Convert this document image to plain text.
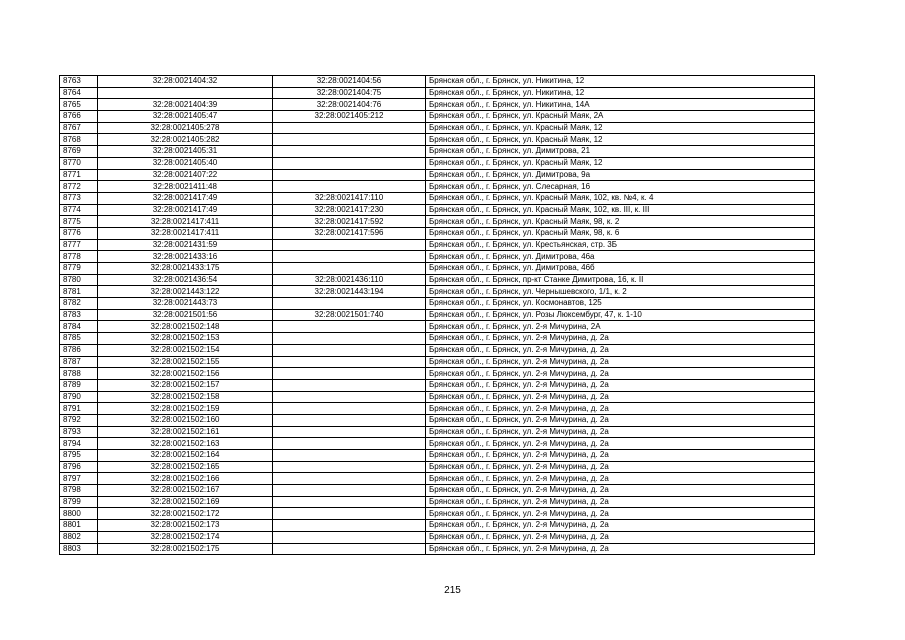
8763	32:28:0021404:32	32:28:0021404:56	Брянская обл., г. Брянск, ул. Никитина, 12
8764		32:28:0021404:75	Брянская обл., г. Брянск, ул. Никитина, 12
8765	32:28:0021404:39	32:28:0021404:76	Брянская обл., г. Брянск, ул. Никитина, 14А
8766	32:28:0021405:47	32:28:0021405:212	Брянская обл., г. Брянск, ул. Красный Маяк, 2А
8767	32:28:0021405:278		Брянская обл., г. Брянск, ул. Красный Маяк, 12
8768	32:28:0021405:282		Брянская обл., г. Брянск, ул. Красный Маяк, 12
8769	32:28:0021405:31		Брянская обл., г. Брянск, ул. Димитрова, 21
8770	32:28:0021405:40		Брянская обл., г. Брянск, ул. Красный Маяк, 12
8771	32:28:0021407:22		Брянская обл., г. Брянск, ул. Димитрова, 9а
8772	32:28:0021411:48		Брянская обл., г. Брянск, ул. Слесарная, 16
8773	32:28:0021417:49	32:28:0021417:110	Брянская обл., г. Брянск, ул. Красный Маяк, 102, кв. №4, к. 4
8774	32:28:0021417:49	32:28:0021417:230	Брянская обл., г. Брянск, ул. Красный Маяк, 102, кв. III, к. III
8775	32:28:0021417:411	32:28:0021417:592	Брянская обл., г. Брянск, ул. Красный Маяк, 98, к. 2
8776	32:28:0021417:411	32:28:0021417:596	Брянская обл., г. Брянск, ул. Красный Маяк, 98, к. 6
8777	32:28:0021431:59		Брянская обл., г. Брянск, ул. Крестьянская, стр. 3Б
8778	32:28:0021433:16		Брянская обл., г. Брянск, ул. Димитрова, 46а
8779	32:28:0021433:175		Брянская обл., г. Брянск, ул. Димитрова, 46б
8780	32:28:0021436:54	32:28:0021436:110	Брянская обл., г. Брянск, пр-кт Станке Димитрова, 16, к. II
8781	32:28:0021443:122	32:28:0021443:194	Брянская обл., г. Брянск, ул. Чернышевского, 1/1, к. 2
8782	32:28:0021443:73		Брянская обл., г. Брянск, ул. Космонавтов, 125
8783	32:28:0021501:56	32:28:0021501:740	Брянская обл., г. Брянск, ул. Розы Люксембург, 47, к. 1-10
8784	32:28:0021502:148		Брянская обл., г. Брянск, ул. 2-я Мичурина, 2А
8785	32:28:0021502:153		Брянская обл., г. Брянск, ул. 2-я Мичурина, д. 2а
8786	32:28:0021502:154		Брянская обл., г. Брянск, ул. 2-я Мичурина, д. 2а
8787	32:28:0021502:155		Брянская обл., г. Брянск, ул. 2-я Мичурина, д. 2а
8788	32:28:0021502:156		Брянская обл., г. Брянск, ул. 2-я Мичурина, д. 2а
8789	32:28:0021502:157		Брянская обл., г. Брянск, ул. 2-я Мичурина, д. 2а
8790	32:28:0021502:158		Брянская обл., г. Брянск, ул. 2-я Мичурина, д. 2а
8791	32:28:0021502:159		Брянская обл., г. Брянск, ул. 2-я Мичурина, д. 2а
8792	32:28:0021502:160		Брянская обл., г. Брянск, ул. 2-я Мичурина, д. 2а
8793	32:28:0021502:161		Брянская обл., г. Брянск, ул. 2-я Мичурина, д. 2а
8794	32:28:0021502:163		Брянская обл., г. Брянск, ул. 2-я Мичурина, д. 2а
8795	32:28:0021502:164		Брянская обл., г. Брянск, ул. 2-я Мичурина, д. 2а
8796	32:28:0021502:165		Брянская обл., г. Брянск, ул. 2-я Мичурина, д. 2а
8797	32:28:0021502:166		Брянская обл., г. Брянск, ул. 2-я Мичурина, д. 2а
8798	32:28:0021502:167		Брянская обл., г. Брянск, ул. 2-я Мичурина, д. 2а
8799	32:28:0021502:169		Брянская обл., г. Брянск, ул. 2-я Мичурина, д. 2а
8800	32:28:0021502:172		Брянская обл., г. Брянск, ул. 2-я Мичурина, д. 2а
8801	32:28:0021502:173		Брянская обл., г. Брянск, ул. 2-я Мичурина, д. 2а
8802	32:28:0021502:174		Брянская обл., г. Брянск, ул. 2-я Мичурина, д. 2а
8803	32:28:0021502:175		Брянская обл., г. Брянск, ул. 2-я Мичурина, д. 2а
215
